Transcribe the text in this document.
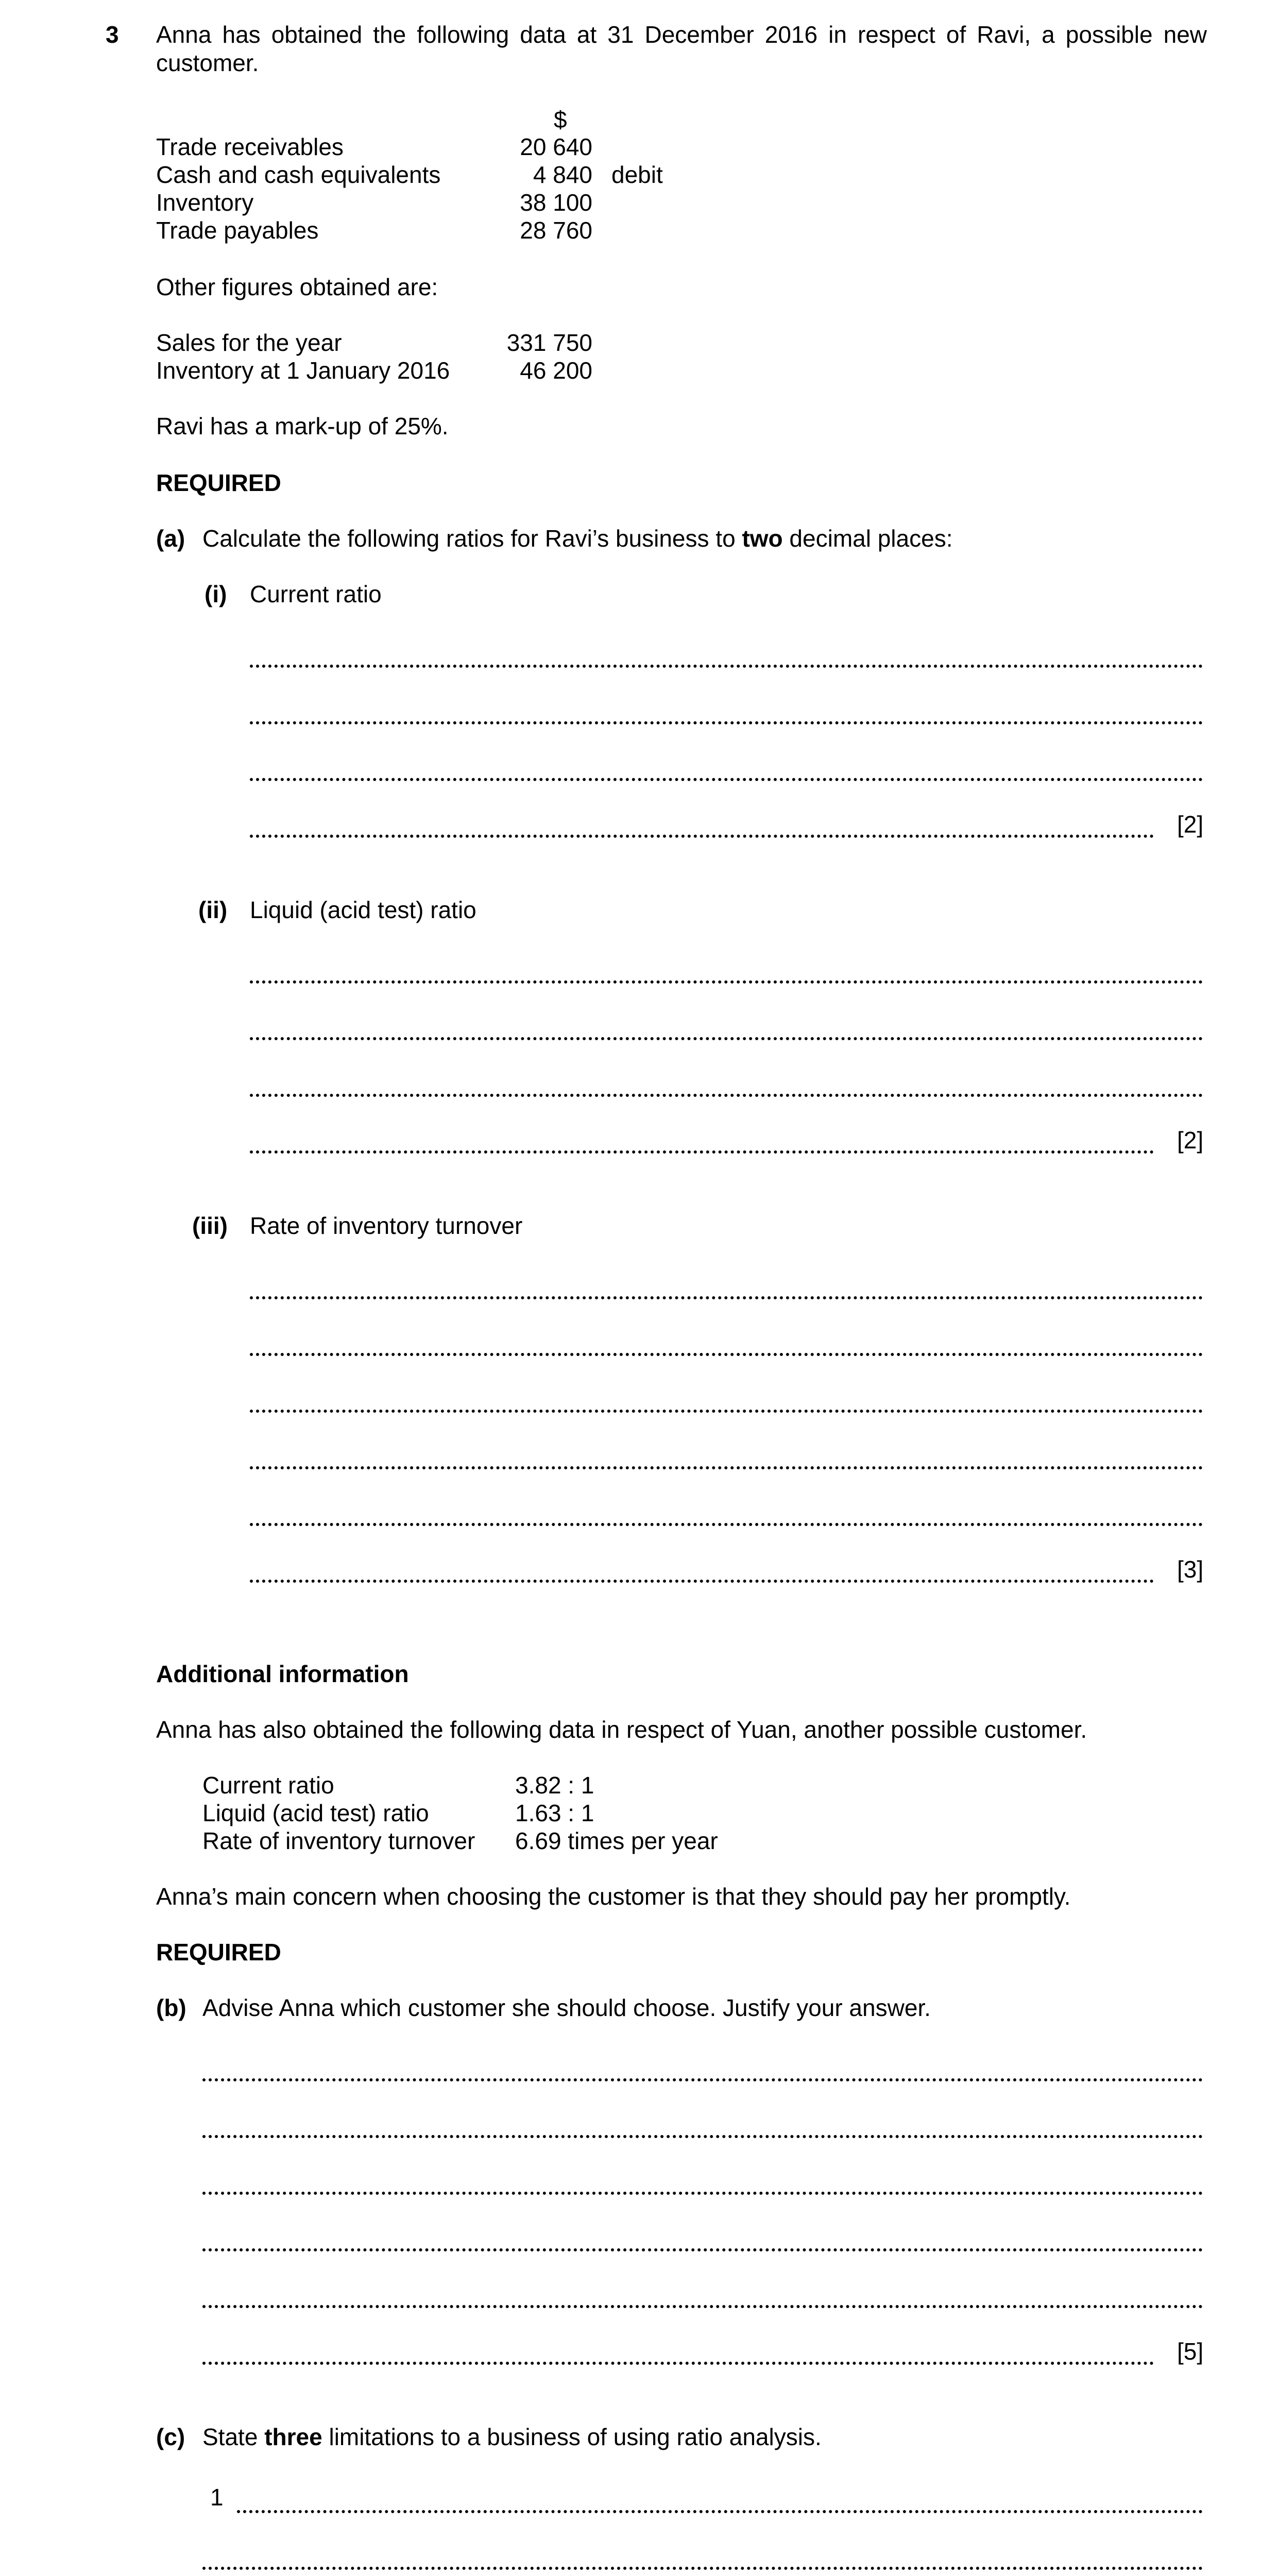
3 Anna has obtained the following data at 31 December 2016 in respect of Ravi, a possible new
customer.
$
Trade receivables	20 640
Cash and cash equivalents	4 840 debit
Inventory	38 100
Trade payables	28 760
Other figures obtained are:
Sales for the year	331 750
Inventory at 1 January 2016	46 200
Ravi has a mark-up of 25%.
REQUIRED
(a) Calculate the following ratios for Ravi’s business to two decimal places:
(i) Current ratio
[2]
(ii) Liquid (acid test) ratio
[2]
(iii) Rate of inventory turnover
[3]
Additional information
Anna has also obtained the following data in respect of Yuan, another possible customer.
Current ratio	3.82 : 1
Liquid (acid test) ratio	1.63 : 1
Rate of inventory turnover 6.69 times per year
Anna’s main concern when choosing the customer is that they should pay her promptly.
REQUIRED
(b) Advise Anna which customer she should choose. Justify your answer.
[5]
(c) State three limitations to a business of using ratio analysis.
1
